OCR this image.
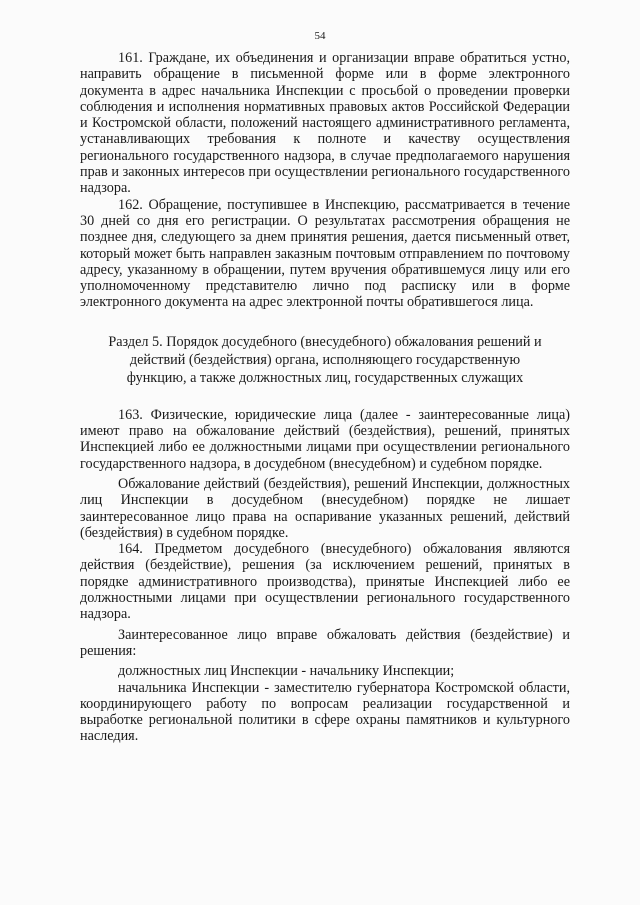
54

161. Граждане, их объединения и организации вправе обратиться устно, направить обращение в письменной форме или в форме электронного документа в адрес начальника Инспекции с просьбой о проведении проверки соблюдения и исполнения нормативных правовых актов Российской Федерации и Костромской области, положений настоящего административного регламента, устанавливающих требования к полноте и качеству осуществления регионального государственного надзора, в случае предполагаемого нарушения прав и законных интересов при осуществлении регионального государственного надзора.

162. Обращение, поступившее в Инспекцию, рассматривается в течение 30 дней со дня его регистрации. О результатах рассмотрения обращения не позднее дня, следующего за днем принятия решения, дается письменный ответ, который может быть направлен заказным почтовым отправлением по почтовому адресу, указанному в обращении, путем вручения обратившемуся лицу или его уполномоченному представителю лично под расписку или в форме электронного документа на адрес электронной почты обратившегося лица.

Раздел 5. Порядок досудебного (внесудебного) обжалования решений и действий (бездействия) органа, исполняющего государственную функцию, а также должностных лиц, государственных служащих

163. Физические, юридические лица (далее - заинтересованные лица) имеют право на обжалование действий (бездействия), решений, принятых Инспекцией либо ее должностными лицами при осуществлении регионального государственного надзора, в досудебном (внесудебном) и судебном порядке.

Обжалование действий (бездействия), решений Инспекции, должностных лиц Инспекции в досудебном (внесудебном) порядке не лишает заинтересованное лицо права на оспаривание указанных решений, действий (бездействия) в судебном порядке.

164. Предметом досудебного (внесудебного) обжалования являются действия (бездействие), решения (за исключением решений, принятых в порядке административного производства), принятые Инспекцией либо ее должностными лицами при осуществлении регионального государственного надзора.

Заинтересованное лицо вправе обжаловать действия (бездействие) и решения:

должностных лиц Инспекции - начальнику Инспекции;

начальника Инспекции - заместителю губернатора Костромской области, координирующего работу по вопросам реализации государственной и выработке региональной политики в сфере охраны памятников и культурного наследия.
